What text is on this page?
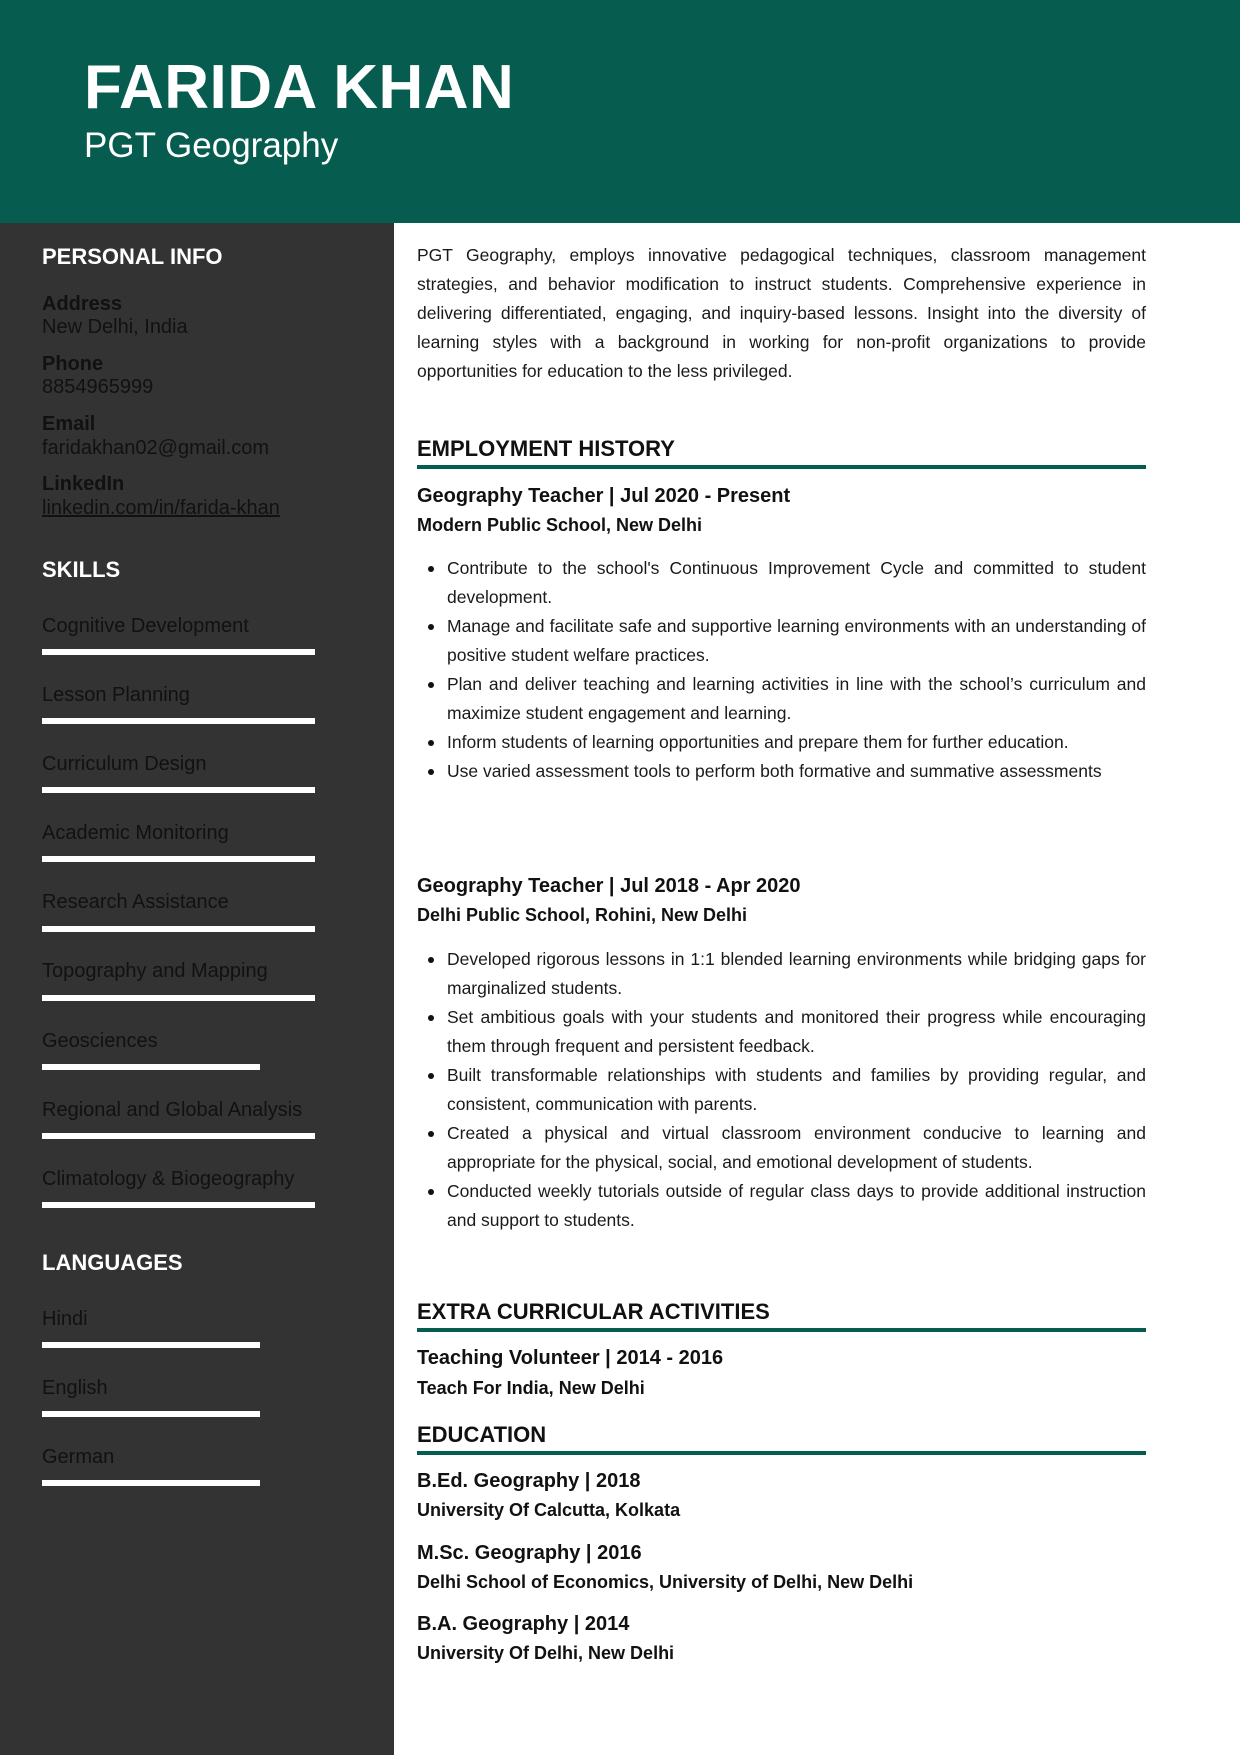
FARIDA KHAN
PGT Geography
PERSONAL INFO
Address
New Delhi, India
Phone
8854965999
Email
faridakhan02@gmail.com
LinkedIn
linkedin.com/in/farida-khan
SKILLS
Cognitive Development
Lesson Planning
Curriculum Design
Academic Monitoring
Research Assistance
Topography and Mapping
Geosciences
Regional and Global Analysis
Climatology & Biogeography
LANGUAGES
Hindi
English
German
PGT Geography, employs innovative pedagogical techniques, classroom management strategies, and behavior modification to instruct students. Comprehensive experience in delivering differentiated, engaging, and inquiry-based lessons. Insight into the diversity of learning styles with a background in working for non-profit organizations to provide opportunities for education to the less privileged.
EMPLOYMENT HISTORY
Geography Teacher | Jul 2020 - Present
Modern Public School, New Delhi
Contribute to the school's Continuous Improvement Cycle and committed to student development.
Manage and facilitate safe and supportive learning environments with an understanding of positive student welfare practices.
Plan and deliver teaching and learning activities in line with the school’s curriculum and maximize student engagement and learning.
Inform students of learning opportunities and prepare them for further education.
Use varied assessment tools to perform both formative and summative assessments
Geography Teacher | Jul 2018 - Apr 2020
Delhi Public School, Rohini, New Delhi
Developed rigorous lessons in 1:1 blended learning environments while bridging gaps for marginalized students.
Set ambitious goals with your students and monitored their progress while encouraging them through frequent and persistent feedback.
Built transformable relationships with students and families by providing regular, and consistent, communication with parents.
Created a physical and virtual classroom environment conducive to learning and appropriate for the physical, social, and emotional development of students.
Conducted weekly tutorials outside of regular class days to provide additional instruction and support to students.
EXTRA CURRICULAR ACTIVITIES
Teaching Volunteer | 2014 - 2016
Teach For India, New Delhi
EDUCATION
B.Ed. Geography | 2018
University Of Calcutta, Kolkata
M.Sc. Geography | 2016
Delhi School of Economics, University of Delhi, New Delhi
B.A. Geography | 2014
University Of Delhi, New Delhi
